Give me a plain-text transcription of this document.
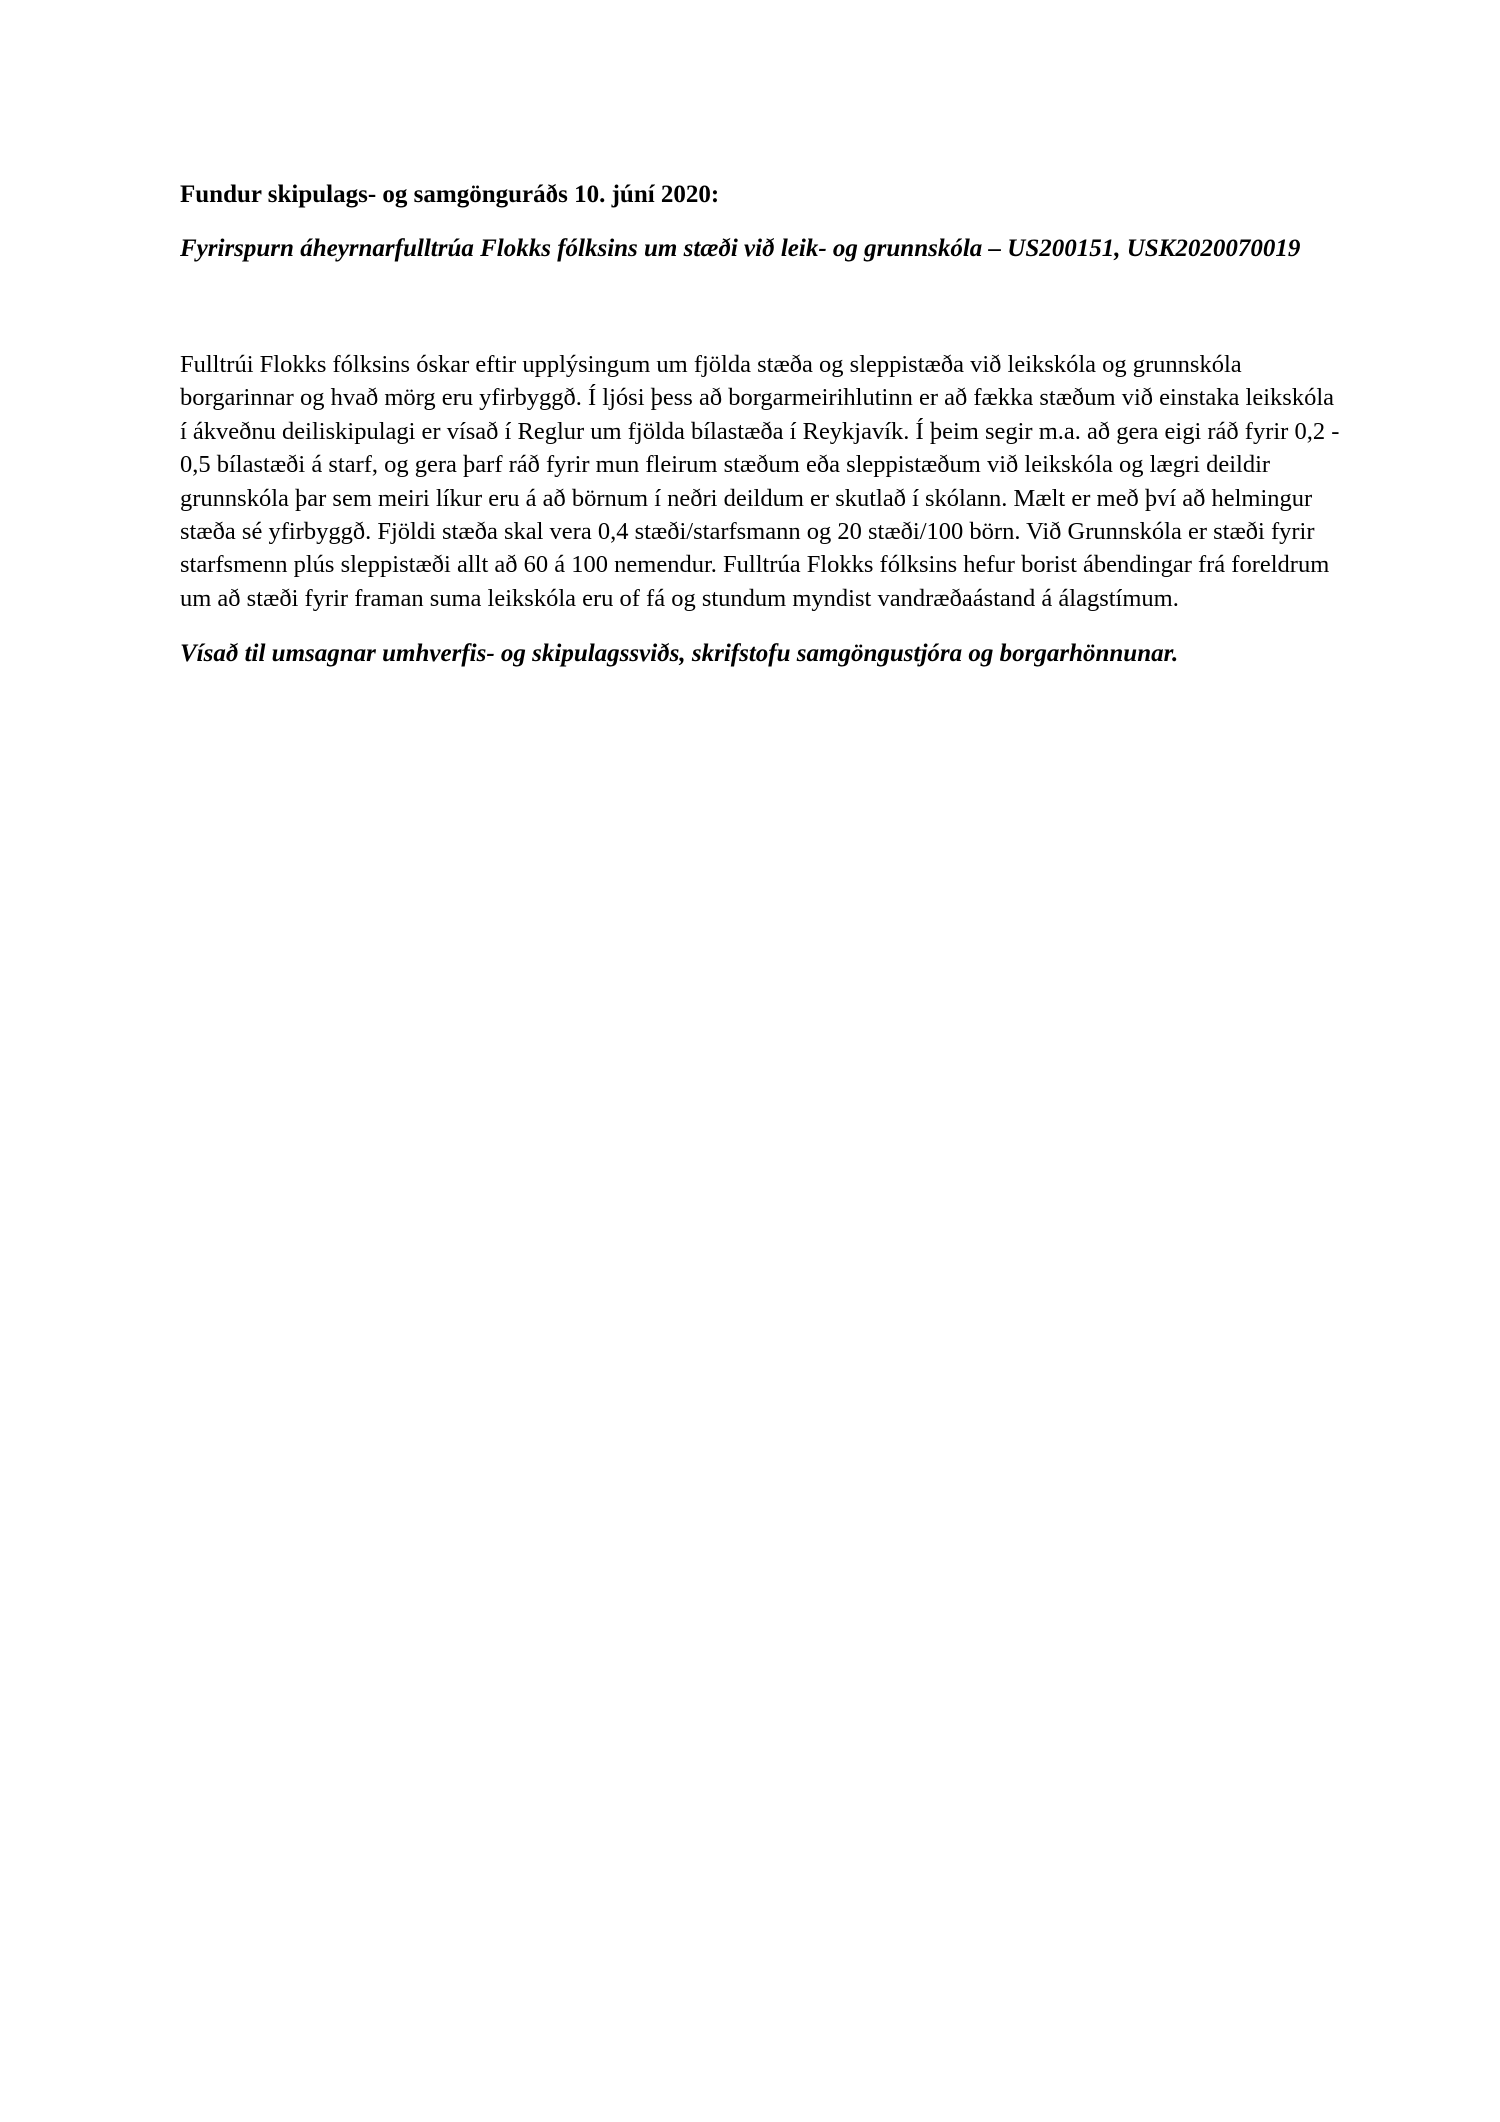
Fundur skipulags- og samgönguráðs 10. júní 2020:

Fyrirspurn áheyrnarfulltrúa Flokks fólksins um stæði við leik- og grunnskóla – US200151, USK2020070019

Fulltrúi Flokks fólksins óskar eftir upplýsingum um fjölda stæða og sleppistæða við leikskóla og grunnskóla borgarinnar og hvað mörg eru yfirbyggð. Í ljósi þess að borgarmeirihlutinn er að fækka stæðum við einstaka leikskóla í ákveðnu deiliskipulagi er vísað í Reglur um fjölda bílastæða í Reykjavík. Í þeim segir m.a. að gera eigi ráð fyrir 0,2 - 0,5 bílastæði á starf, og gera þarf ráð fyrir mun fleirum stæðum eða sleppistæðum við leikskóla og lægri deildir grunnskóla þar sem meiri líkur eru á að börnum í neðri deildum er skutlað í skólann. Mælt er með því að helmingur stæða sé yfirbyggð. Fjöldi stæða skal vera 0,4 stæði/starfsmann og 20 stæði/100 börn. Við Grunnskóla er stæði fyrir starfsmenn plús sleppistæði allt að 60 á 100 nemendur. Fulltrúa Flokks fólksins hefur borist ábendingar frá foreldrum um að stæði fyrir framan suma leikskóla eru of fá og stundum myndist vandræðaástand á álagstímum.

Vísað til umsagnar umhverfis- og skipulagssviðs, skrifstofu samgöngustjóra og borgarhönnunar.
